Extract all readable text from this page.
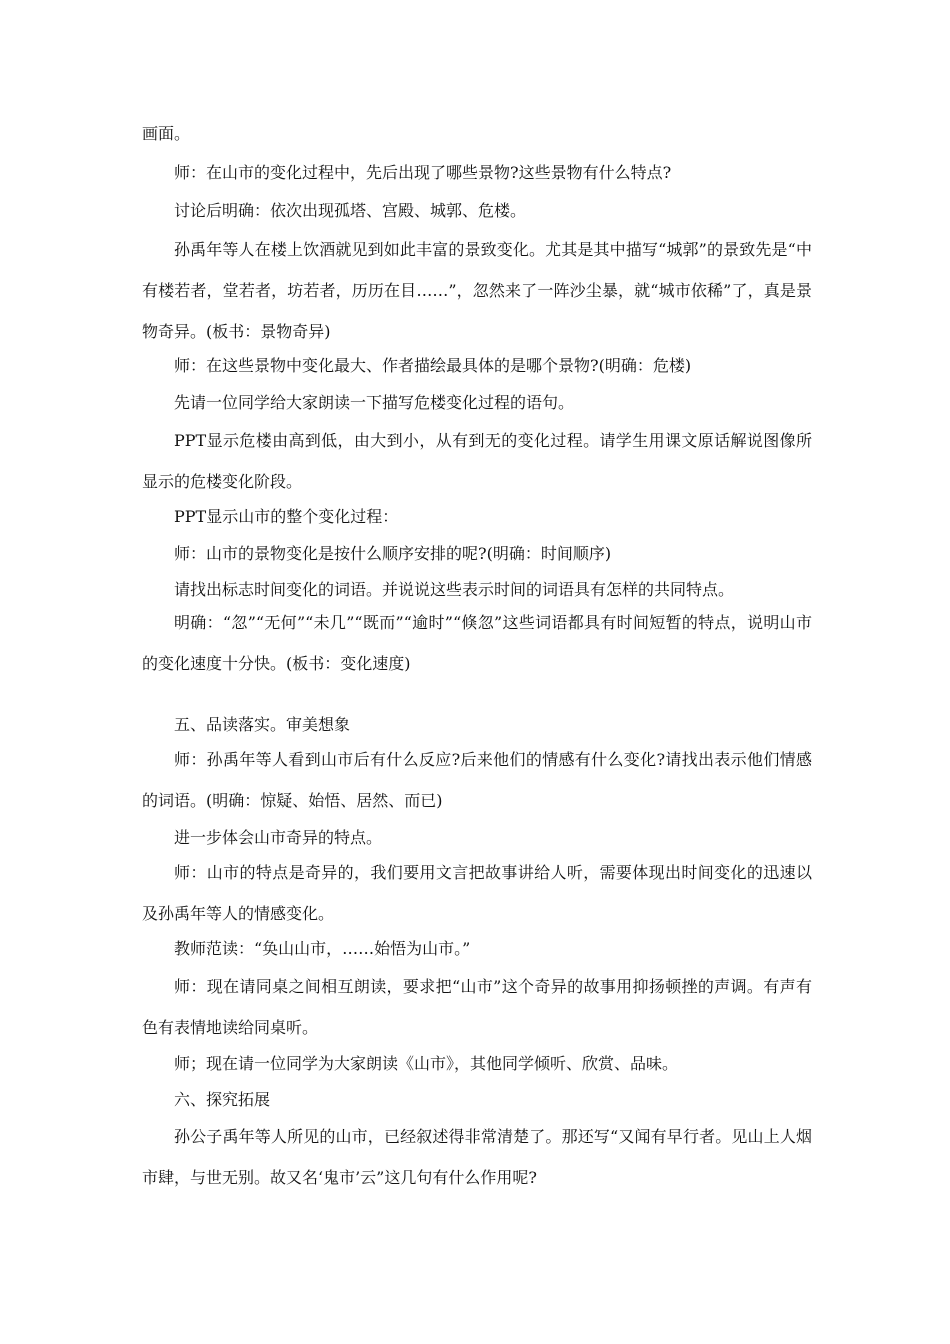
画面。

师：在山市的变化过程中，先后出现了哪些景物?这些景物有什么特点?

讨论后明确：依次出现孤塔、宫殿、城郭、危楼。

孙禹年等人在楼上饮酒就见到如此丰富的景致变化。尤其是其中描写“城郭”的景致先是“中有楼若者，堂若者，坊若者，历历在目……”，忽然来了一阵沙尘暴，就“城市依稀”了，真是景物奇异。(板书：景物奇异)

师：在这些景物中变化最大、作者描绘最具体的是哪个景物?(明确：危楼)

先请一位同学给大家朗读一下描写危楼变化过程的语句。

PPT显示危楼由高到低，由大到小，从有到无的变化过程。请学生用课文原话解说图像所显示的危楼变化阶段。

PPT显示山市的整个变化过程：

师：山市的景物变化是按什么顺序安排的呢?(明确：时间顺序)

请找出标志时间变化的词语。并说说这些表示时间的词语具有怎样的共同特点。

明确：“忽”“无何”“未几”“既而”“逾时”“倏忽”这些词语都具有时间短暂的特点，说明山市的变化速度十分快。(板书：变化速度)

五、品读落实。审美想象

师：孙禹年等人看到山市后有什么反应?后来他们的情感有什么变化?请找出表示他们情感的词语。(明确：惊疑、始悟、居然、而已)

进一步体会山市奇异的特点。

师：山市的特点是奇异的，我们要用文言把故事讲给人听，需要体现出时间变化的迅速以及孙禹年等人的情感变化。

教师范读：“奂山山市，……始悟为山市。”

师：现在请同桌之间相互朗读，要求把“山市”这个奇异的故事用抑扬顿挫的声调。有声有色有表情地读给同桌听。

师；现在请一位同学为大家朗读《山市》，其他同学倾听、欣赏、品味。

六、探究拓展

孙公子禹年等人所见的山市，已经叙述得非常清楚了。那还写“又闻有早行者。见山上人烟市肆，与世无别。故又名‘鬼市’云”这几句有什么作用呢?
